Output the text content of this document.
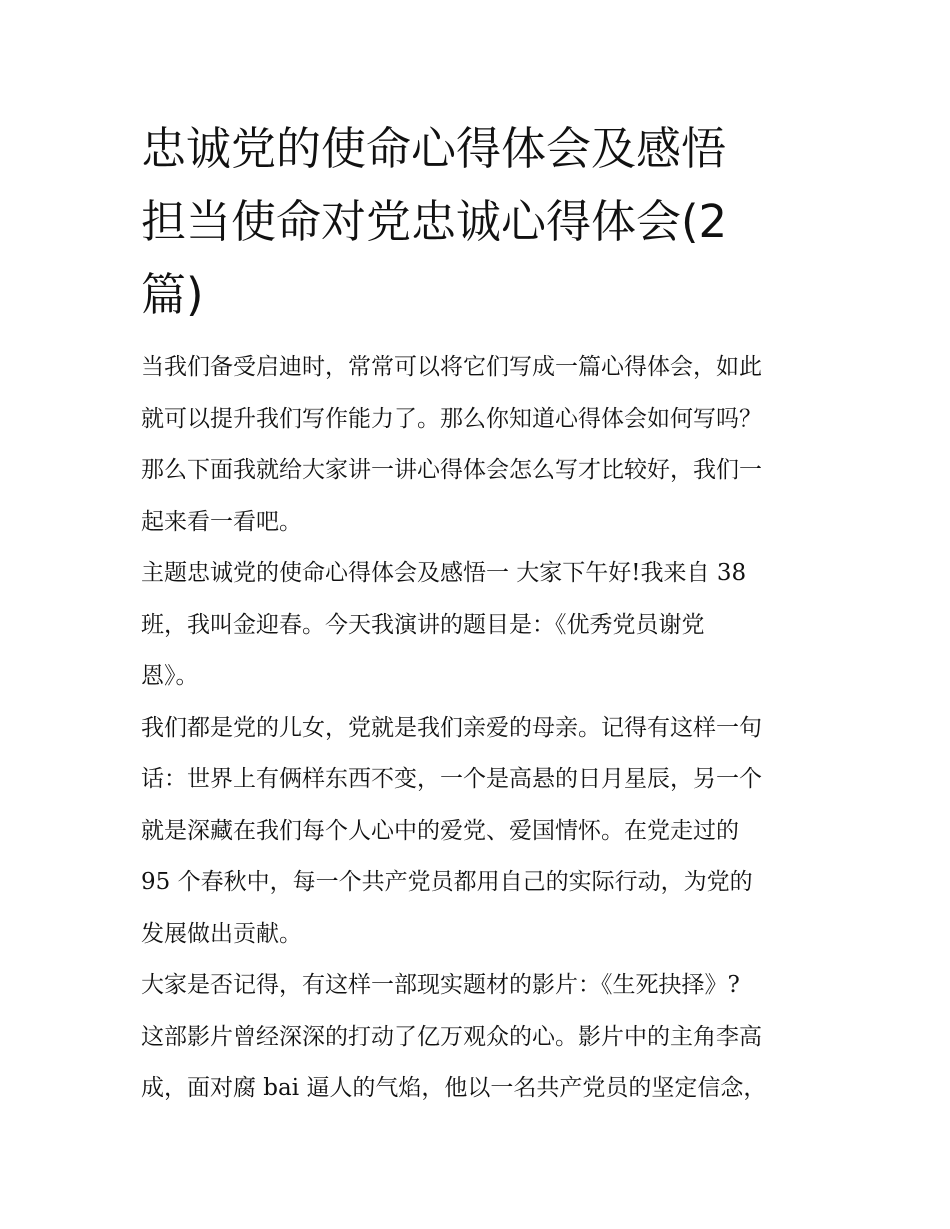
忠诚党的使命心得体会及感悟
担当使命对党忠诚心得体会(2
篇)

当我们备受启迪时，常常可以将它们写成一篇心得体会，如此
就可以提升我们写作能力了。那么你知道心得体会如何写吗？
那么下面我就给大家讲一讲心得体会怎么写才比较好，我们一
起来看一看吧。

主题忠诚党的使命心得体会及感悟一 大家下午好!我来自 38
班，我叫金迎春。今天我演讲的题目是：《优秀党员谢党
恩》。

我们都是党的儿女，党就是我们亲爱的母亲。记得有这样一句
话：世界上有俩样东西不变，一个是高悬的日月星辰，另一个
就是深藏在我们每个人心中的爱党、爱国情怀。在党走过的
95 个春秋中，每一个共产党员都用自己的实际行动，为党的
发展做出贡献。

大家是否记得，有这样一部现实题材的影片：《生死抉择》?
这部影片曾经深深的打动了亿万观众的心。影片中的主角李高
成，面对腐 bai 逼人的气焰，他以一名共产党员的坚定信念，
